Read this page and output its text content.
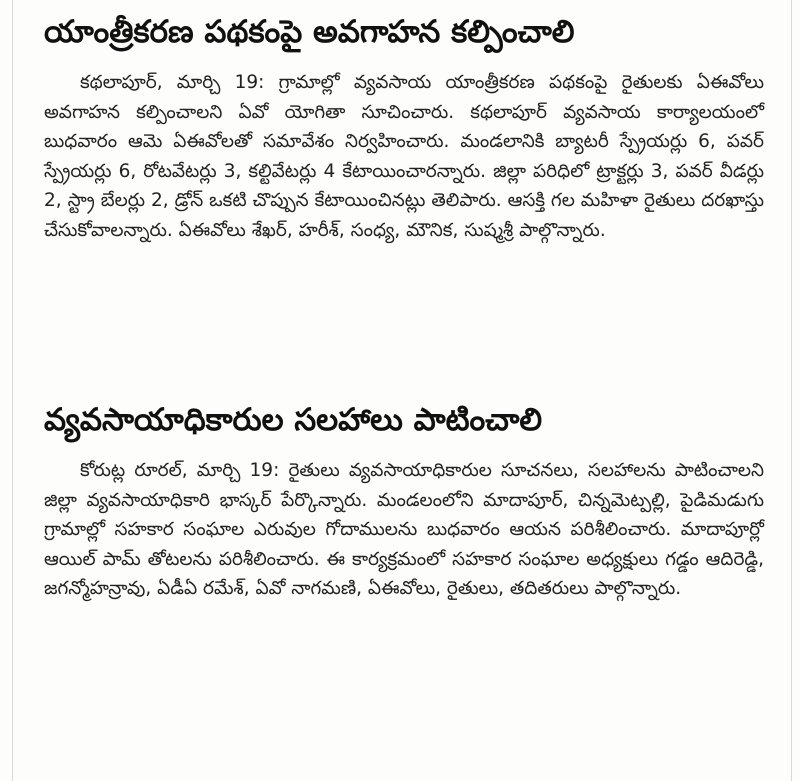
యాంత్రీకరణ పథకంపై అవగాహన కల్పించాలి

కథలాపూర్, మార్చి 19: గ్రామాల్లో వ్యవసాయ యాంత్రీకరణ పథకంపై రైతులకు ఏఈవోలు అవగాహన కల్పించాలని ఏవో యోగితా సూచించారు. కథలాపూర్ వ్యవసాయ కార్యాలయంలో బుధవారం ఆమె ఏఈవోలతో సమావేశం నిర్వహించారు. మండలానికి బ్యాటరీ స్ప్రేయర్లు 6, పవర్ స్ప్రేయర్లు 6, రోటవేటర్లు 3, కల్టివేటర్లు 4 కేటాయించారన్నారు. జిల్లా పరిధిలో ట్రాక్టర్లు 3, పవర్ వీడర్లు 2, స్ట్రా బేలర్లు 2, డ్రోన్ ఒకటి చొప్పున కేటాయించినట్లు తెలిపారు. ఆసక్తి గల మహిళా రైతులు దరఖాస్తు చేసుకోవాలన్నారు. ఏఈవోలు శేఖర్, హరీశ్, సంధ్య, మౌనిక, సుష్మశ్రీ పాల్గొన్నారు.

వ్యవసాయాధికారుల సలహాలు పాటించాలి

కోరుట్ల రూరల్, మార్చి 19: రైతులు వ్యవసాయాధికారుల సూచనలు, సలహాలను పాటించాలని జిల్లా వ్యవసాయాధికారి భాస్కర్ పేర్కొన్నారు. మండలంలోని మాదాపూర్, చిన్నమెట్పల్లి, పైడిమడుగు గ్రామాల్లో సహకార సంఘాల ఎరువుల గోదాములను బుధవారం ఆయన పరిశీలించారు. మాదాపూర్లో ఆయిల్ పామ్ తోటలను పరిశీలించారు. ఈ కార్యక్రమంలో సహకార సంఘాల అధ్యక్షులు గడ్డం ఆదిరెడ్డి, జగన్మోహన్రావు, ఏడీఏ రమేశ్, ఏవో నాగమణి, ఏఈవోలు, రైతులు, తదితరులు పాల్గొన్నారు.
